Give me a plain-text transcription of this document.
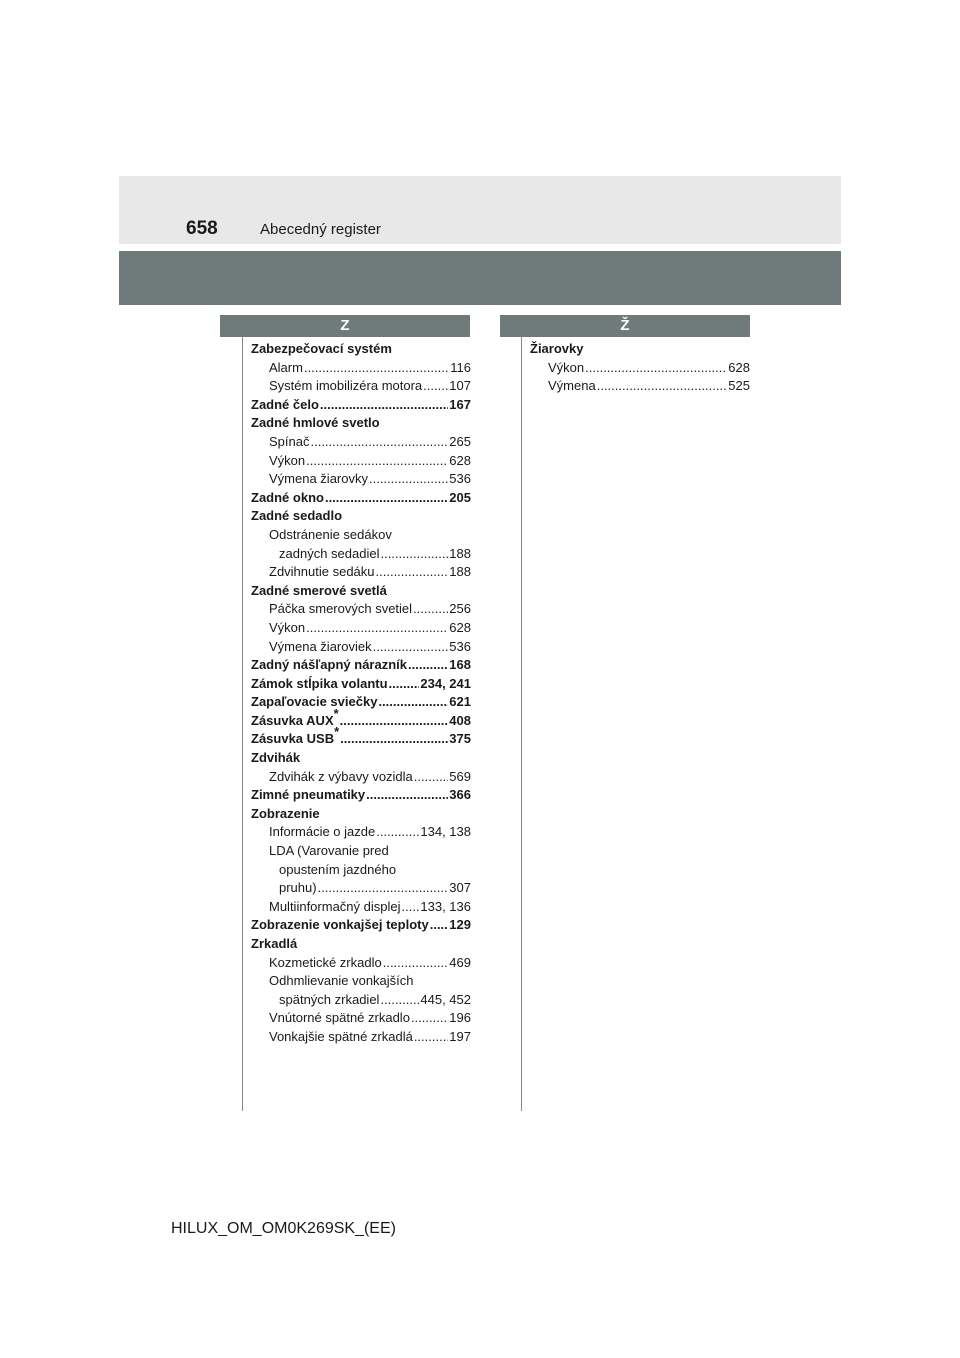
658	Abecedný register
Z	Ž
Zabezpečovací systém
Alarm .....	116
Systém imobilizéra motora ..... 107
Zadné čelo .....	167
Zadné hmlové svetlo
Spínač .....	265
Výkon .....	628
Výmena žiarovky .....	536
Zadné okno .....	205
Zadné sedadlo
Odstránenie sedákov
zadných sedadiel .....	188
Zdvihnutie sedáku .....	188
Zadné smerové svetlá
Páčka smerových svetiel .....	256
Výkon .....	628
Výmena žiaroviek .....	536
Zadný nášľapný nárazník .....	168
Zámok stĺpika volantu .....	234, 241
Zapaľovacie sviečky .....	621
Zásuvka AUX* .....	408
Zásuvka USB* .....	375
Zdvihák
Zdvihák z výbavy vozidla .....	569
Zimné pneumatiky .....	366
Zobrazenie
Informácie o jazde .....	134, 138
LDA (Varovanie pred
opustením jazdného
pruhu) .....	307
Multiinformačný displej ..... 133, 136
Zobrazenie vonkajšej teploty ..... 129
Zrkadlá
Kozmetické zrkadlo .....	469
Odhmlievanie vonkajších
spätných zrkadiel .....	445, 452
Vnútorné spätné zrkadlo .....	196
Vonkajšie spätné zrkadlá .....	197
Žiarovky
Výkon .....	628
Výmena .....	525
HILUX_OM_OM0K269SK_(EE)
